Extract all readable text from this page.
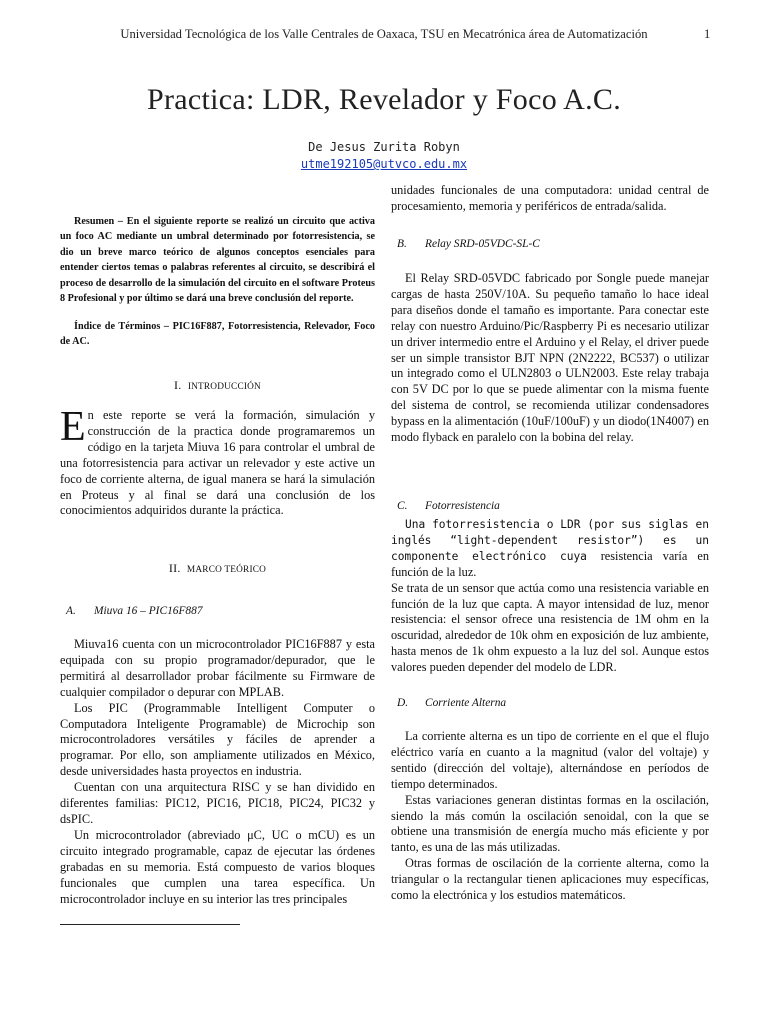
Universidad Tecnológica de los Valle Centrales de Oaxaca, TSU en Mecatrónica área de Automatización	1
Practica: LDR, Revelador y Foco A.C.
De Jesus Zurita Robyn
utme192105@utvco.edu.mx

Resumen – En el siguiente reporte se realizó un circuito que activa un foco AC mediante un umbral determinado por fotorresistencia, se dio un breve marco teórico de algunos conceptos esenciales para entender ciertos temas o palabras referentes al circuito, se describirá el proceso de desarrollo de la simulación del circuito en el software Proteus 8 Profesional y por último se dará una breve conclusión del reporte.

Índice de Términos – PIC16F887, Fotorresistencia, Relevador, Foco de AC.

I. INTRODUCCIÓN
En este reporte se verá la formación, simulación y construcción de la practica donde programaremos un código en la tarjeta Miuva 16 para controlar el umbral de una fotorresistencia para activar un relevador y este active un foco de corriente alterna, de igual manera se hará la simulación en Proteus y al final se dará una conclusión de los conocimientos adquiridos durante la práctica.
II. MARCO TEÓRICO
A. Miuva 16 – PIC16F887

Miuva16 cuenta con un microcontrolador PIC16F887 y esta equipada con su propio programador/depurador, que le permitirá al desarrollador probar fácilmente su Firmware de cualquier compilador o depurar con MPLAB.

Los PIC (Programmable Intelligent Computer o Computadora Inteligente Programable) de Microchip son microcontroladores versátiles y fáciles de aprender a programar. Por ello, son ampliamente utilizados en México, desde universidades hasta proyectos en industria.

Cuentan con una arquitectura RISC y se han dividido en diferentes familias: PIC12, PIC16, PIC18, PIC24, PIC32 y dsPIC.

Un microcontrolador (abreviado μC, UC o mCU) es un circuito integrado programable, capaz de ejecutar las órdenes grabadas en su memoria. Está compuesto de varios bloques funcionales que cumplen una tarea específica. Un microcontrolador incluye en su interior las tres principales

unidades funcionales de una computadora: unidad central de procesamiento, memoria y periféricos de entrada/salida.

B. Relay SRD-05VDC-SL-C

El Relay SRD-05VDC fabricado por Songle puede manejar cargas de hasta 250V/10A. Su pequeño tamaño lo hace ideal para diseños donde el tamaño es importante. Para conectar este relay con nuestro Arduino/Pic/Raspberry Pi es necesario utilizar un driver intermedio entre el Arduino y el Relay, el driver puede ser un simple transistor BJT NPN (2N2222, BC537) o utilizar un integrado como el ULN2803 o ULN2003. Este relay trabaja con 5V DC por lo que se puede alimentar con la misma fuente del sistema de control, se recomienda utilizar condensadores bypass en la alimentación (10uF/100uF) y un diodo(1N4007) en modo flyback en paralelo con la bobina del relay.

C. Fotorresistencia

Una fotorresistencia o LDR (por sus siglas en inglés “light-dependent resistor”) es un componente electrónico cuya resistencia varía en función de la luz.

Se trata de un sensor que actúa como una resistencia variable en función de la luz que capta. A mayor intensidad de luz, menor resistencia: el sensor ofrece una resistencia de 1M ohm en la oscuridad, alrededor de 10k ohm en exposición de luz ambiente, hasta menos de 1k ohm expuesto a la luz del sol. Aunque estos valores pueden depender del modelo de LDR.

D. Corriente Alterna

La corriente alterna es un tipo de corriente en el que el flujo eléctrico varía en cuanto a la magnitud (valor del voltaje) y sentido (dirección del voltaje), alternándose en períodos de tiempo determinados.

Estas variaciones generan distintas formas en la oscilación, siendo la más común la oscilación senoidal, con la que se obtiene una transmisión de energía mucho más eficiente y por tanto, es una de las más utilizadas.

Otras formas de oscilación de la corriente alterna, como la triangular o la rectangular tienen aplicaciones muy específicas, como la electrónica y los estudios matemáticos.
